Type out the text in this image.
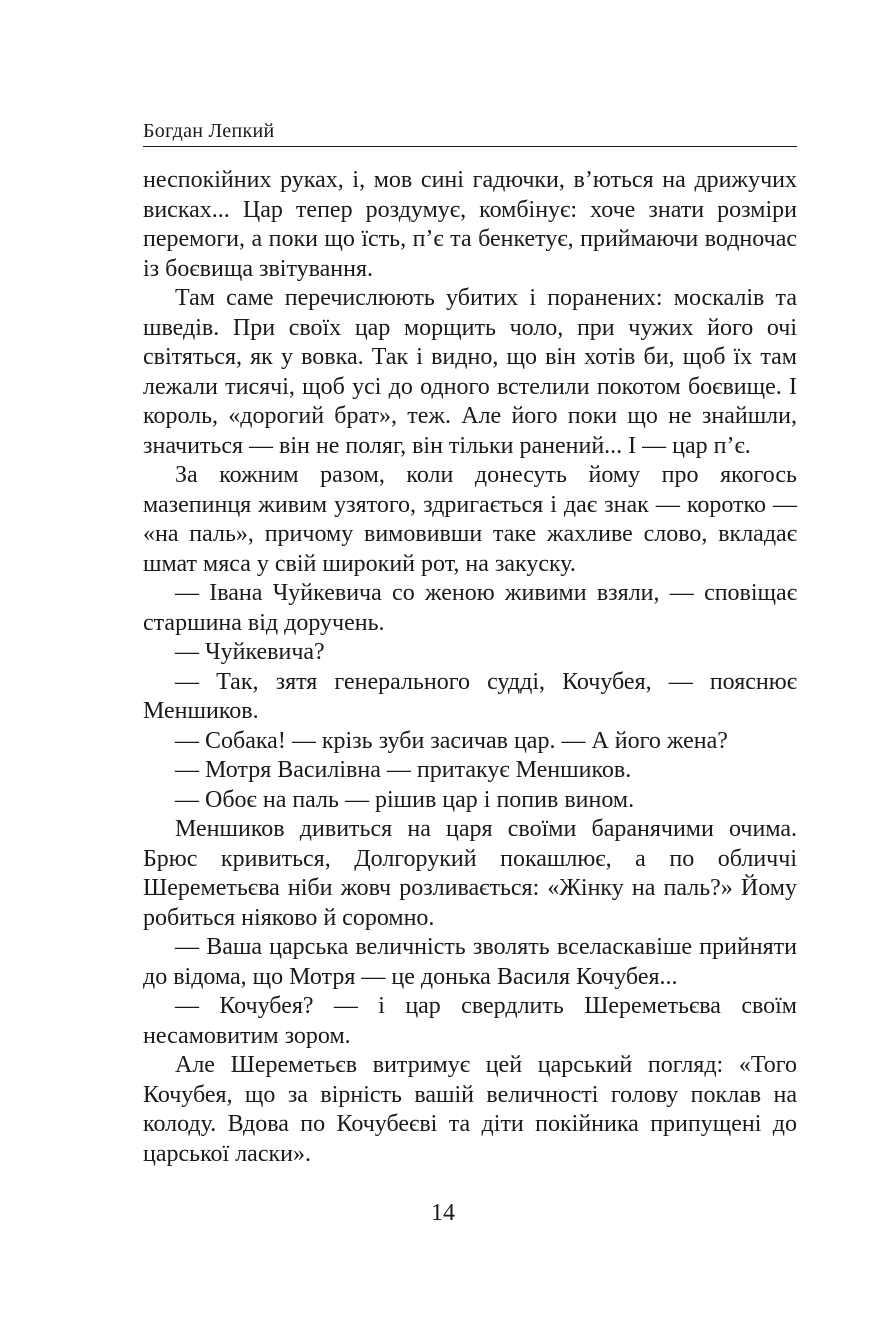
Богдан Лепкий

неспокійних руках, і, мов сині гадючки, в’ються на дрижучих висках... Цар тепер роздумує, комбінує: хоче знати розміри перемоги, а поки що їсть, п’є та бенкетує, приймаючи водночас із боєвища звітування.

Там саме перечислюють убитих і поранених: москалів та шведів. При своїх цар морщить чоло, при чужих його очі світяться, як у вовка. Так і видно, що він хотів би, щоб їх там лежали тисячі, щоб усі до одного встелили покотом боєвище. І король, «дорогий брат», теж. Але його поки що не знайшли, значиться — він не поляг, він тільки ранений... І — цар п’є.

За кожним разом, коли донесуть йому про якогось мазепинця живим узятого, здригається і дає знак — коротко — «на паль», причому вимовивши таке жахливе слово, вкладає шмат мяса у свій широкий рот, на закуску.

— Івана Чуйкевича со женою живими взяли, — сповіщає старшина від доручень.

— Чуйкевича?

— Так, зятя генерального судді, Кочубея, — пояснює Меншиков.

— Собака! — крізь зуби засичав цар. — А його жена?

— Мотря Василівна — притакує Меншиков.

— Обоє на паль — рішив цар і попив вином.

Меншиков дивиться на царя своїми баранячими очима. Брюс кривиться, Долгорукий покашлює, а по обличчі Шереметьєва ніби жовч розливається: «Жінку на паль?» Йому робиться ніяково й соромно.

— Ваша царська величність зволять вселаскавіше прийняти до відома, що Мотря — це донька Василя Кочубея...

— Кочубея? — і цар свердлить Шереметьєва своїм несамовитим зором.

Але Шереметьєв витримує цей царський погляд: «Того Кочубея, що за вірність вашій величності голову поклав на колоду. Вдова по Кочубеєві та діти покійника припущені до царської ласки».

14
